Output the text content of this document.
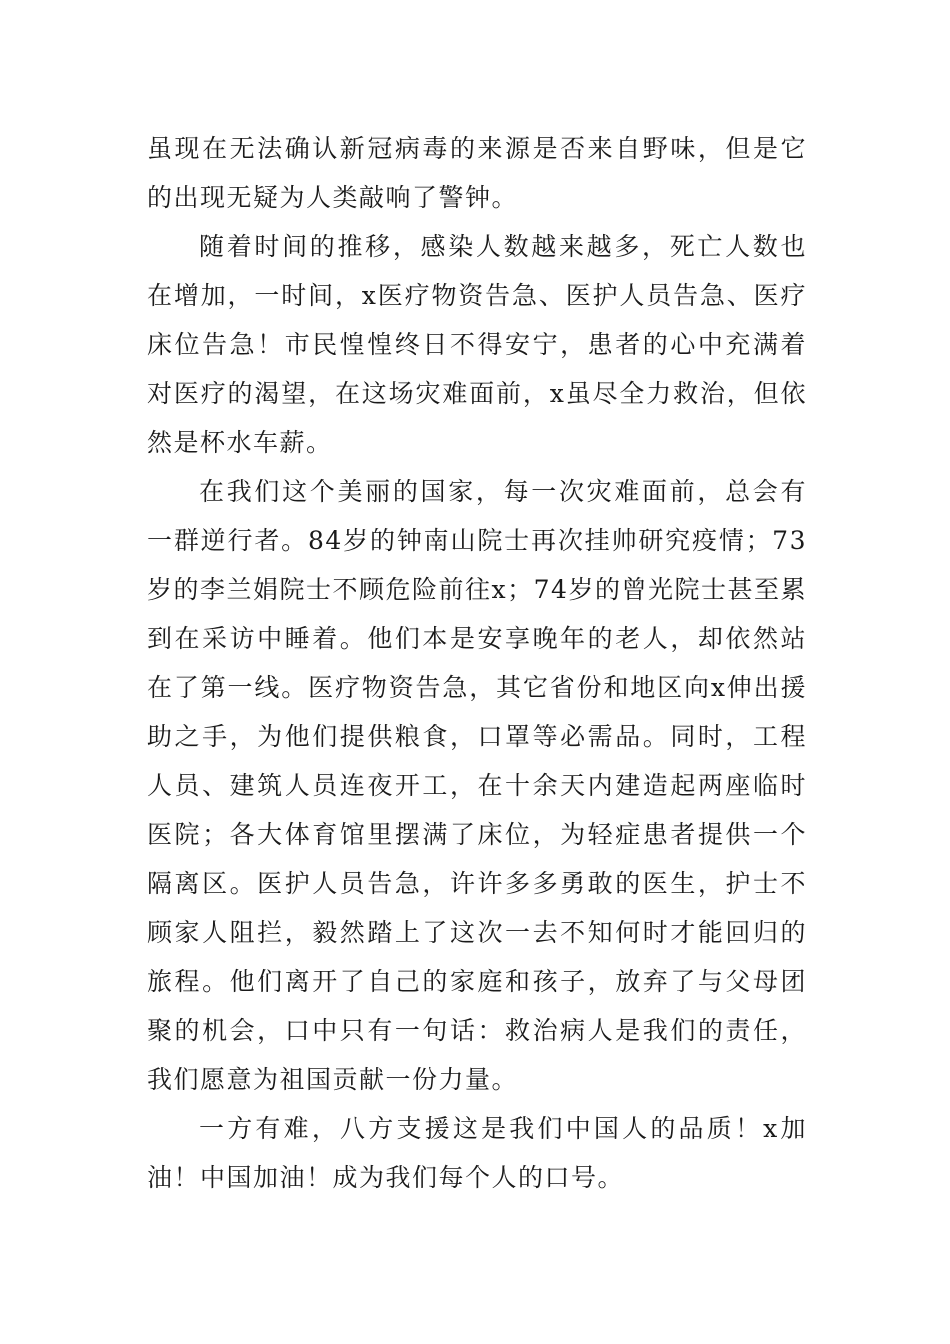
虽现在无法确认新冠病毒的来源是否来自野味，但是它的出现无疑为人类敲响了警钟。

随着时间的推移，感染人数越来越多，死亡人数也在增加，一时间，x医疗物资告急、医护人员告急、医疗床位告急！市民惶惶终日不得安宁，患者的心中充满着对医疗的渴望，在这场灾难面前，x虽尽全力救治，但依然是杯水车薪。

在我们这个美丽的国家，每一次灾难面前，总会有一群逆行者。84岁的钟南山院士再次挂帅研究疫情；73岁的李兰娟院士不顾危险前往x；74岁的曾光院士甚至累到在采访中睡着。他们本是安享晚年的老人，却依然站在了第一线。医疗物资告急，其它省份和地区向x伸出援助之手，为他们提供粮食，口罩等必需品。同时，工程人员、建筑人员连夜开工，在十余天内建造起两座临时医院；各大体育馆里摆满了床位，为轻症患者提供一个隔离区。医护人员告急，许许多多勇敢的医生，护士不顾家人阻拦，毅然踏上了这次一去不知何时才能回归的旅程。他们离开了自己的家庭和孩子，放弃了与父母团聚的机会，口中只有一句话：救治病人是我们的责任，我们愿意为祖国贡献一份力量。

一方有难，八方支援这是我们中国人的品质！x加油！中国加油！成为我们每个人的口号。
